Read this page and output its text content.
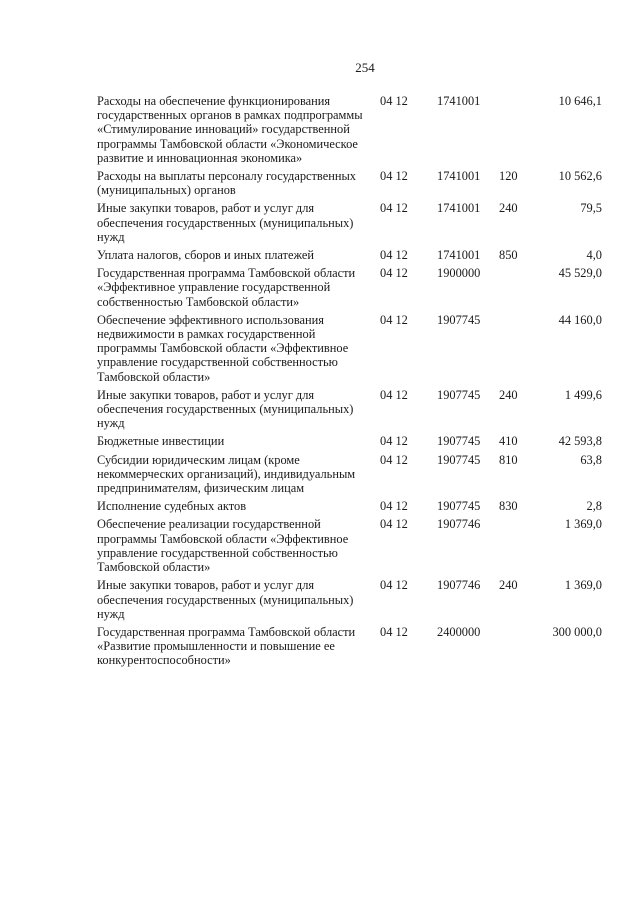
254
Расходы на обеспечение функционирования государственных органов в рамках подпрограммы «Стимулирование инноваций» государственной программы Тамбовской области «Экономическое развитие и инновационная экономика»	04 12	1741001		10 646,1
Расходы на выплаты персоналу государственных (муниципальных) органов	04 12	1741001	120	10 562,6
Иные закупки товаров, работ и услуг для обеспечения государственных (муниципальных) нужд	04 12	1741001	240	79,5
Уплата налогов, сборов и иных платежей	04 12	1741001	850	4,0
Государственная программа Тамбовской области «Эффективное управление государственной собственностью Тамбовской области»	04 12	1900000		45 529,0
Обеспечение эффективного использования недвижимости в рамках государственной программы Тамбовской области «Эффективное управление государственной собственностью Тамбовской области»	04 12	1907745		44 160,0
Иные закупки товаров, работ и услуг для обеспечения государственных (муниципальных) нужд	04 12	1907745	240	1 499,6
Бюджетные инвестиции	04 12	1907745	410	42 593,8
Субсидии юридическим лицам (кроме некоммерческих организаций), индивидуальным предпринимателям, физическим лицам	04 12	1907745	810	63,8
Исполнение судебных актов	04 12	1907745	830	2,8
Обеспечение реализации государственной программы Тамбовской области «Эффективное управление государственной собственностью Тамбовской области»	04 12	1907746		1 369,0
Иные закупки товаров, работ и услуг для обеспечения государственных (муниципальных) нужд	04 12	1907746	240	1 369,0
Государственная программа Тамбовской области «Развитие промышленности и повышение ее конкурентоспособности»	04 12	2400000		300 000,0
